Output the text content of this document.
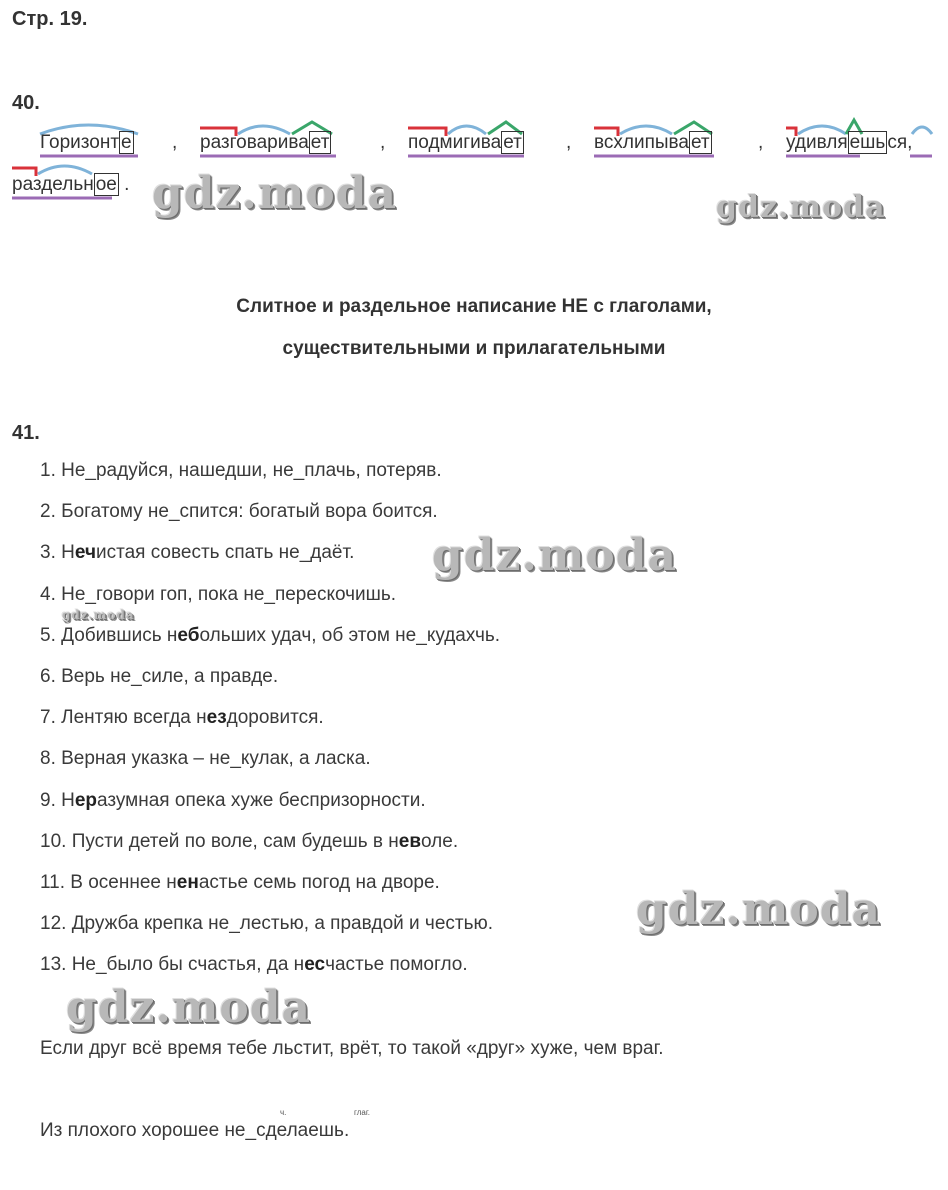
Стр. 19.
40.
Горизонт е , разговарива ет	, подмигива ет , всхлипыва ет	, удивля ешь ся,
раздельн ое .
Слитное и раздельное написание НЕ с глаголами,
существительными и прилагательными
41.
1. Не_радуйся, нашедши, не_плачь, потеряв.
2. Богатому не_спится: богатый вора боится.
3. Нечистая совесть спать не_даёт.
4. Не_говори гоп, пока не_перескочишь.
5. Добившись небольших удач, об этом не_кудахчь.
6. Верь не_силе, а правде.
7. Лентяю всегда нездоровится.
8. Верная указка – не_кулак, а ласка.
9. Неразумная опека хуже беспризорности.
10. Пусти детей по воле, сам будешь в неволе.
11. В осеннее ненастье семь погод на дворе.
12. Дружба крепка не_лестью, а правдой и честью.
13. Не_было бы счастья, да несчастье помогло.
Если друг всё время тебе льстит, врёт, то такой «друг» хуже, чем враг.
ч.	глаг.
Из плохого хорошее не_сделаешь.
gdz.moda	gdz.moda
gdz.moda
gdz.moda
gdz.moda
gdz.moda
